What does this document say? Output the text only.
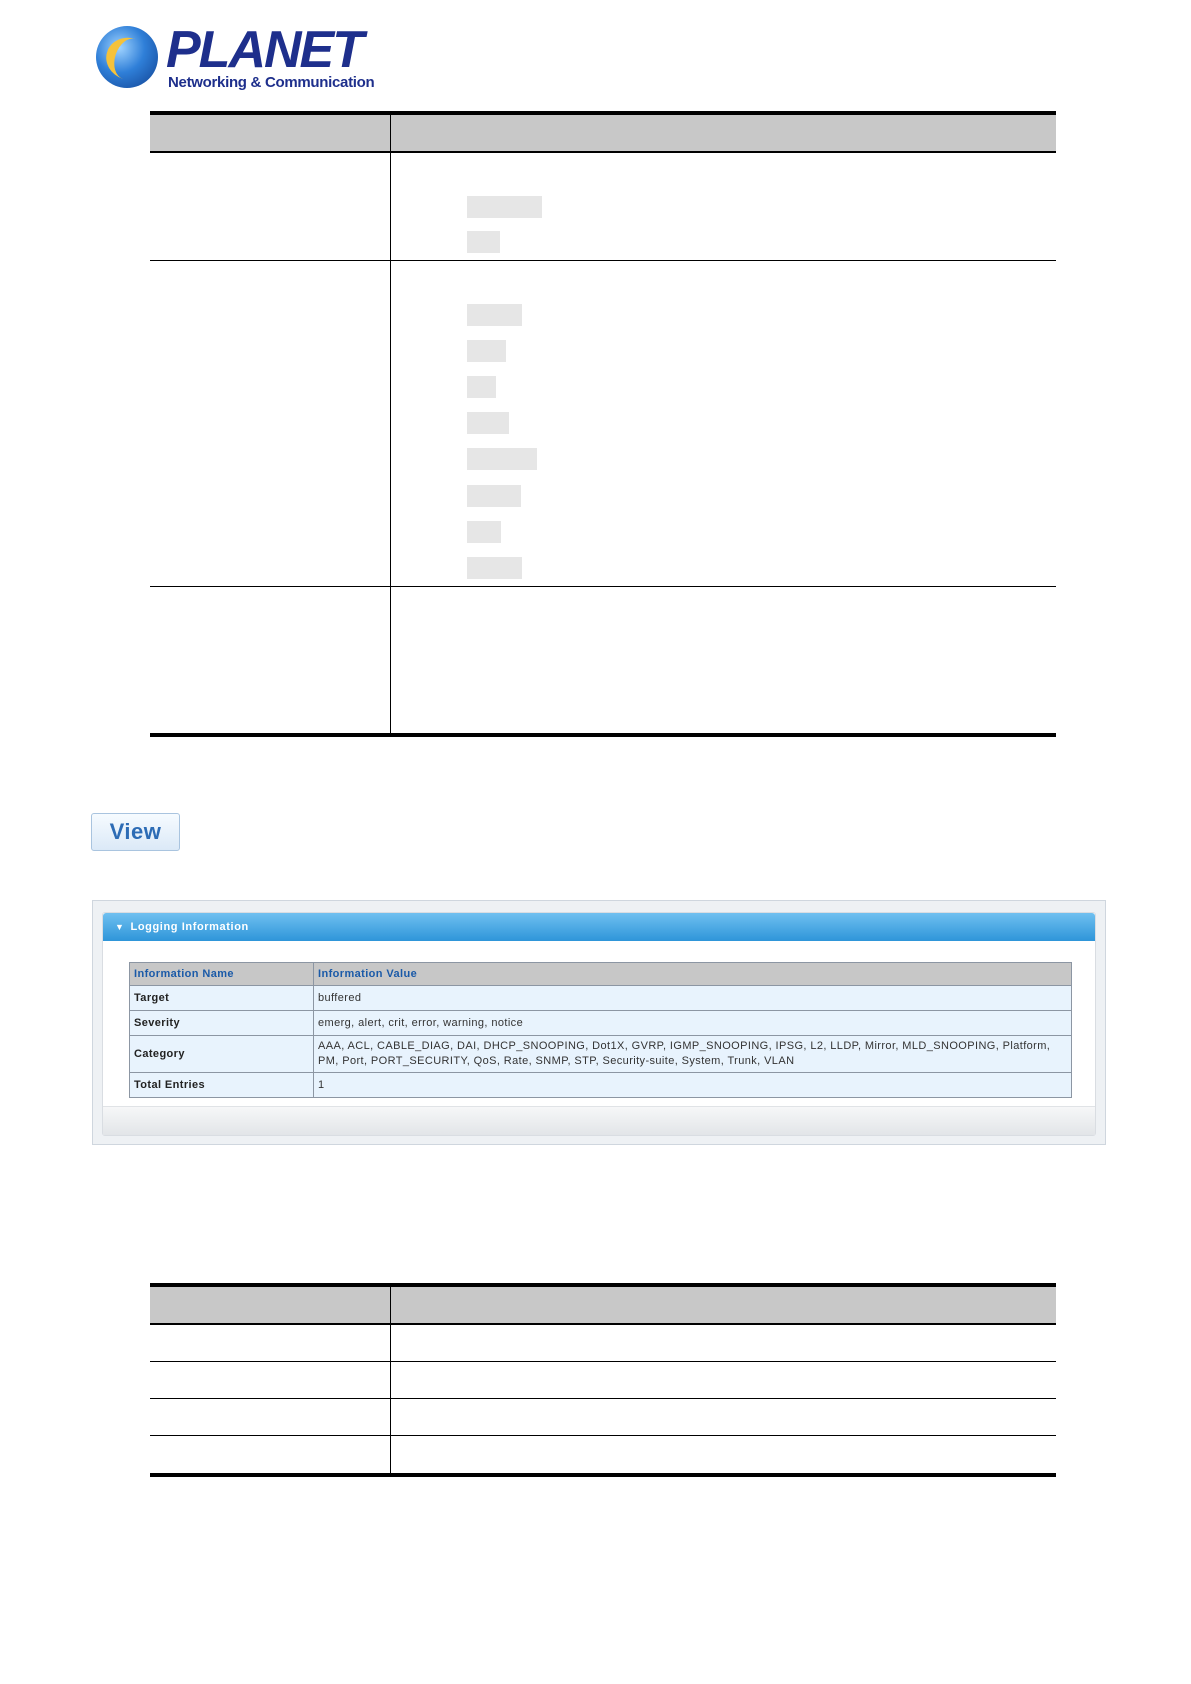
PLANET
Networking & Communication
View
▼ Logging Information
Information Name	Information Value
Target	buffered
Severity	emerg, alert, crit, error, warning, notice
Category	AAA, ACL, CABLE_DIAG, DAI, DHCP_SNOOPING, Dot1X, GVRP, IGMP_SNOOPING, IPSG, L2, LLDP, Mirror, MLD_SNOOPING, Platform, PM, Port, PORT_SECURITY, QoS, Rate, SNMP, STP, Security-suite, System, Trunk, VLAN
Total Entries	1
